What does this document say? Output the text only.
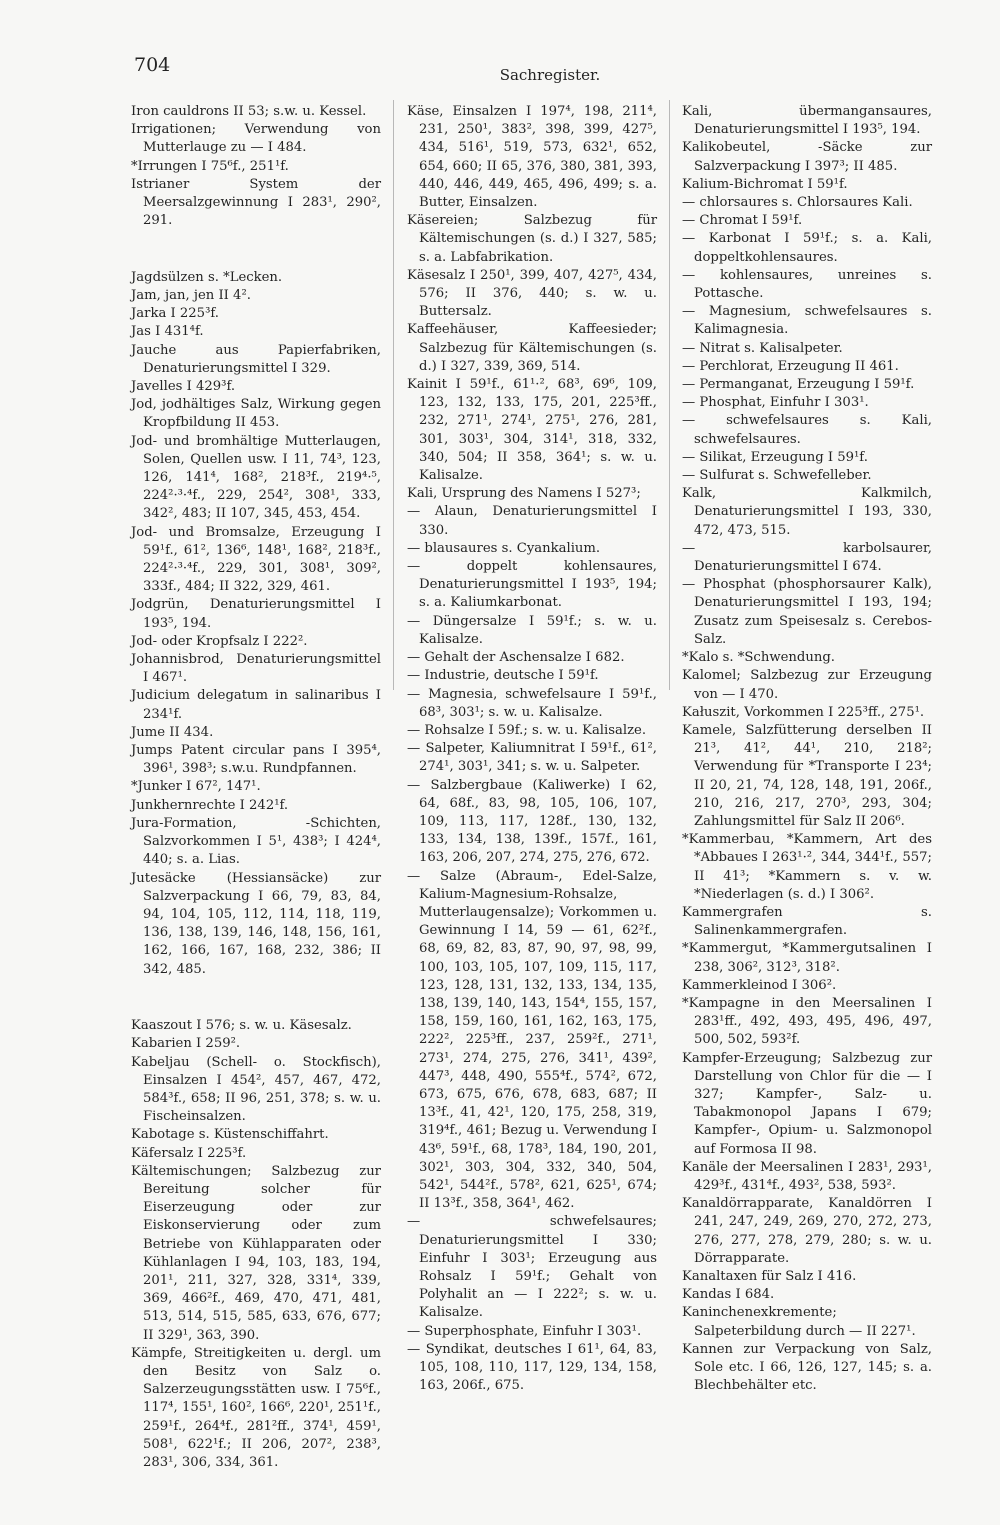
704	Sachregister.

Iron cauldrons II 53; s.w. u. Kessel.

Irrigationen; Verwendung von Mutterlauge zu — I 484.

*Irrungen I 75⁶f., 251¹f.

Istrianer System der Meersalzgewinnung I 283¹, 290², 291.

Jagdsülzen s. *Lecken.

Jam, jan, jen II 4².

Jarka I 225³f.

Jas I 431⁴f.

Jauche aus Papierfabriken, Denaturierungsmittel I 329.

Javelles I 429³f.

Jod, jodhältiges Salz, Wirkung gegen Kropfbildung II 453.

Jod- und bromhältige Mutterlaugen, Solen, Quellen usw. I 11, 74³, 123, 126, 141⁴, 168², 218³f., 219⁴·⁵, 224²·³·⁴f., 229, 254², 308¹, 333, 342², 483; II 107, 345, 453, 454.

Jod- und Bromsalze, Erzeugung I 59¹f., 61², 136⁶, 148¹, 168², 218³f., 224²·³·⁴f., 229, 301, 308¹, 309², 333f., 484; II 322, 329, 461.

Jodgrün, Denaturierungsmittel I 193⁵, 194.

Jod- oder Kropfsalz I 222².

Johannisbrod, Denaturierungsmittel I 467¹.

Judicium delegatum in salinaribus I 234¹f.

Jume II 434.

Jumps Patent circular pans I 395⁴, 396¹, 398³; s.w.u. Rundpfannen.

*Junker I 67², 147¹.

Junkhernrechte I 242¹f.

Jura-Formation, -Schichten, Salzvorkommen I 5¹, 438³; I 424⁴, 440; s. a. Lias.

Jutesäcke (Hessiansäcke) zur Salzverpackung I 66, 79, 83, 84, 94, 104, 105, 112, 114, 118, 119, 136, 138, 139, 146, 148, 156, 161, 162, 166, 167, 168, 232, 386; II 342, 485.

Kaaszout I 576; s. w. u. Käsesalz.

Kabarien I 259².

Kabeljau (Schell- o. Stockfisch), Einsalzen I 454², 457, 467, 472, 584³f., 658; II 96, 251, 378; s. w. u. Fischeinsalzen.

Kabotage s. Küstenschiffahrt.

Käfersalz I 225³f.

Kältemischungen; Salzbezug zur Bereitung solcher für Eiserzeugung oder zur Eiskonservierung oder zum Betriebe von Kühlapparaten oder Kühlanlagen I 94, 103, 183, 194, 201¹, 211, 327, 328, 331⁴, 339, 369, 466²f., 469, 470, 471, 481, 513, 514, 515, 585, 633, 676, 677; II 329¹, 363, 390.

Kämpfe, Streitigkeiten u. dergl. um den Besitz von Salz o. Salzerzeugungsstätten usw. I 75⁶f., 117⁴, 155¹, 160², 166⁶, 220¹, 251¹f., 259¹f., 264⁴f., 281²ff., 374¹, 459¹, 508¹, 622¹f.; II 206, 207², 238³, 283¹, 306, 334, 361.

Käse, Einsalzen I 197⁴, 198, 211⁴, 231, 250¹, 383², 398, 399, 427⁵, 434, 516¹, 519, 573, 632¹, 652, 654, 660; II 65, 376, 380, 381, 393, 440, 446, 449, 465, 496, 499; s. a. Butter, Einsalzen.

Käsereien; Salzbezug für Kältemischungen (s. d.) I 327, 585; s. a. Labfabrikation.

Käsesalz I 250¹, 399, 407, 427⁵, 434, 576; II 376, 440; s. w. u. Buttersalz.

Kaffeehäuser, Kaffeesieder; Salzbezug für Kältemischungen (s. d.) I 327, 339, 369, 514.

Kainit I 59¹f., 61¹·², 68³, 69⁶, 109, 123, 132, 133, 175, 201, 225³ff., 232, 271¹, 274¹, 275¹, 276, 281, 301, 303¹, 304, 314¹, 318, 332, 340, 504; II 358, 364¹; s. w. u. Kalisalze.

Kali, Ursprung des Namens I 527³;

— Alaun, Denaturierungsmittel I 330.

— blausaures s. Cyankalium.

— doppelt kohlensaures, Denaturierungsmittel I 193⁵, 194; s. a. Kaliumkarbonat.

— Düngersalze I 59¹f.; s. w. u. Kalisalze.

— Gehalt der Aschensalze I 682.

— Industrie, deutsche I 59¹f.

— Magnesia, schwefelsaure I 59¹f., 68³, 303¹; s. w. u. Kalisalze.

— Rohsalze I 59f.; s. w. u. Kalisalze.

— Salpeter, Kaliumnitrat I 59¹f., 61², 274¹, 303¹, 341; s. w. u. Salpeter.

— Salzbergbaue (Kaliwerke) I 62, 64, 68f., 83, 98, 105, 106, 107, 109, 113, 117, 128f., 130, 132, 133, 134, 138, 139f., 157f., 161, 163, 206, 207, 274, 275, 276, 672.

— Salze (Abraum-, Edel-Salze, Kalium-Magnesium-Rohsalze, Mutterlaugensalze); Vorkommen u. Gewinnung I 14, 59 — 61, 62²f., 68, 69, 82, 83, 87, 90, 97, 98, 99, 100, 103, 105, 107, 109, 115, 117, 123, 128, 131, 132, 133, 134, 135, 138, 139, 140, 143, 154⁴, 155, 157, 158, 159, 160, 161, 162, 163, 175, 222², 225³ff., 237, 259²f., 271¹, 273¹, 274, 275, 276, 341¹, 439², 447³, 448, 490, 555⁴f., 574², 672, 673, 675, 676, 678, 683, 687; II 13³f., 41, 42¹, 120, 175, 258, 319, 319⁴f., 461; Bezug u. Verwendung I 43⁶, 59¹f., 68, 178³, 184, 190, 201, 302¹, 303, 304, 332, 340, 504, 542¹, 544²f., 578², 621, 625¹, 674; II 13³f., 358, 364¹, 462.

— schwefelsaures; Denaturierungsmittel I 330; Einfuhr I 303¹; Erzeugung aus Rohsalz I 59¹f.; Gehalt von Polyhalit an — I 222²; s. w. u. Kalisalze.

— Superphosphate, Einfuhr I 303¹.

— Syndikat, deutsches I 61¹, 64, 83, 105, 108, 110, 117, 129, 134, 158, 163, 206f., 675.

Kali, übermangansaures, Denaturierungsmittel I 193⁵, 194.

Kalikobeutel, -Säcke zur Salzverpackung I 397³; II 485.

Kalium-Bichromat I 59¹f.

— chlorsaures s. Chlorsaures Kali.

— Chromat I 59¹f.

— Karbonat I 59¹f.; s. a. Kali, doppeltkohlensaures.

— kohlensaures, unreines s. Pottasche.

— Magnesium, schwefelsaures s. Kalimagnesia.

— Nitrat s. Kalisalpeter.

— Perchlorat, Erzeugung II 461.

— Permanganat, Erzeugung I 59¹f.

— Phosphat, Einfuhr I 303¹.

— schwefelsaures s. Kali, schwefelsaures.

— Silikat, Erzeugung I 59¹f.

— Sulfurat s. Schwefelleber.

Kalk, Kalkmilch, Denaturierungsmittel I 193, 330, 472, 473, 515.

— karbolsaurer, Denaturierungsmittel I 674.

— Phosphat (phosphorsaurer Kalk), Denaturierungsmittel I 193, 194; Zusatz zum Speisesalz s. Cerebos-Salz.

*Kalo s. *Schwendung.

Kalomel; Salzbezug zur Erzeugung von — I 470.

Kałuszit, Vorkommen I 225³ff., 275¹.

Kamele, Salzfütterung derselben II 21³, 41², 44¹, 210, 218²; Verwendung für *Transporte I 23⁴; II 20, 21, 74, 128, 148, 191, 206f., 210, 216, 217, 270³, 293, 304; Zahlungsmittel für Salz II 206⁶.

*Kammerbau, *Kammern, Art des *Abbaues I 263¹·², 344, 344¹f., 557; II 41³; *Kammern s. v. w. *Niederlagen (s. d.) I 306².

Kammergrafen s. Salinenkammergrafen.

*Kammergut, *Kammergutsalinen I 238, 306², 312³, 318².

Kammerkleinod I 306².

*Kampagne in den Meersalinen I 283¹ff., 492, 493, 495, 496, 497, 500, 502, 593²f.

Kampfer-Erzeugung; Salzbezug zur Darstellung von Chlor für die — I 327; Kampfer-, Salz- u. Tabakmonopol Japans I 679; Kampfer-, Opium- u. Salzmonopol auf Formosa II 98.

Kanäle der Meersalinen I 283¹, 293¹, 429³f., 431⁴f., 493², 538, 593².

Kanaldörrapparate, Kanaldörren I 241, 247, 249, 269, 270, 272, 273, 276, 277, 278, 279, 280; s. w. u. Dörrapparate.

Kanaltaxen für Salz I 416.

Kandas I 684.

Kaninchenexkremente; Salpeterbildung durch — II 227¹.

Kannen zur Verpackung von Salz, Sole etc. I 66, 126, 127, 145; s. a. Blechbehälter etc.
